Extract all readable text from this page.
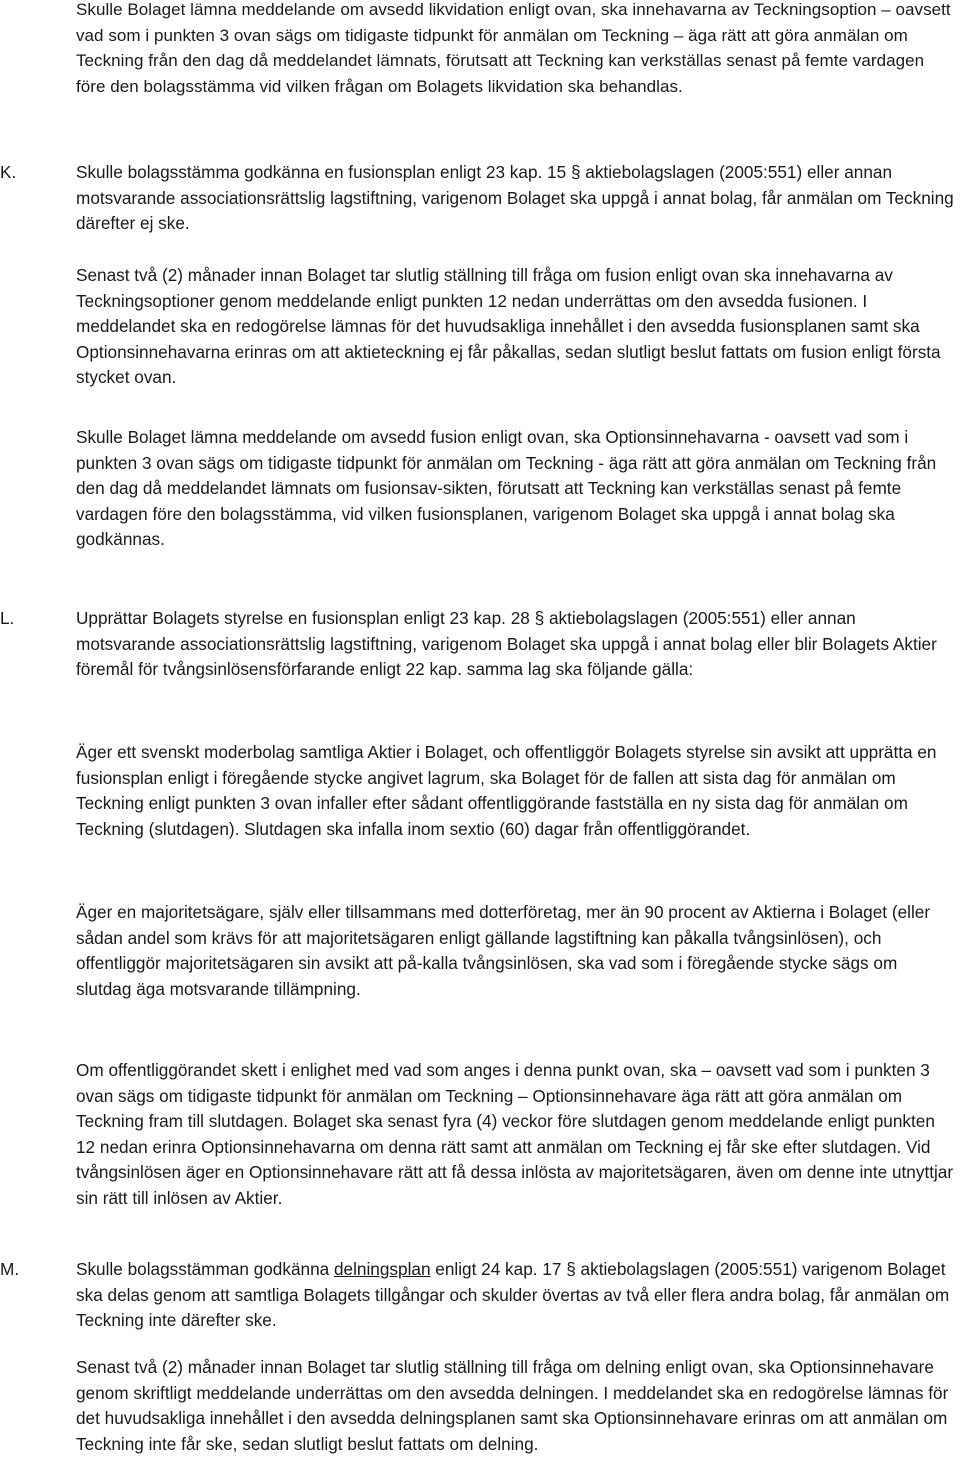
Skulle Bolaget lämna meddelande om avsedd likvidation enligt ovan, ska innehavarna av Teckningsoption – oavsett vad som i punkten 3 ovan sägs om tidigaste tidpunkt för anmälan om Teckning – äga rätt att göra anmälan om Teckning från den dag då meddelandet lämnats, förutsatt att Teckning kan verkställas senast på femte vardagen före den bolagsstämma vid vilken frågan om Bolagets likvidation ska behandlas.

K.	Skulle bolagsstämma godkänna en fusionsplan enligt 23 kap. 15 § aktiebolagslagen (2005:551) eller annan motsvarande associationsrättslig lagstiftning, varigenom Bolaget ska uppgå i annat bolag, får anmälan om Teckning därefter ej ske.

Senast två (2) månader innan Bolaget tar slutlig ställning till fråga om fusion enligt ovan ska innehavarna av Teckningsoptioner genom meddelande enligt punkten 12 nedan underrättas om den avsedda fusionen. I meddelandet ska en redogörelse lämnas för det huvudsakliga innehållet i den avsedda fusionsplanen samt ska Optionsinnehavarna erinras om att aktieteckning ej får påkallas, sedan slutligt beslut fattats om fusion enligt första stycket ovan.

Skulle Bolaget lämna meddelande om avsedd fusion enligt ovan, ska Optionsinnehavarna - oavsett vad som i punkten 3 ovan sägs om tidigaste tidpunkt för anmälan om Teckning - äga rätt att göra anmälan om Teckning från den dag då meddelandet lämnats om fusionsav-sikten, förutsatt att Teckning kan verkställas senast på femte vardagen före den bolagsstämma, vid vilken fusionsplanen, varigenom Bolaget ska uppgå i annat bolag ska godkännas.

L.	Upprättar Bolagets styrelse en fusionsplan enligt 23 kap. 28 § aktiebolagslagen (2005:551) eller annan motsvarande associationsrättslig lagstiftning, varigenom Bolaget ska uppgå i annat bolag eller blir Bolagets Aktier föremål för tvångsinlösensförfarande enligt 22 kap. samma lag ska följande gälla:

Äger ett svenskt moderbolag samtliga Aktier i Bolaget, och offentliggör Bolagets styrelse sin avsikt att upprätta en fusionsplan enligt i föregående stycke angivet lagrum, ska Bolaget för de fallen att sista dag för anmälan om Teckning enligt punkten 3 ovan infaller efter sådant offentliggörande fastställa en ny sista dag för anmälan om Teckning (slutdagen). Slutdagen ska infalla inom sextio (60) dagar från offentliggörandet.

Äger en majoritetsägare, själv eller tillsammans med dotterföretag, mer än 90 procent av Aktierna i Bolaget (eller sådan andel som krävs för att majoritetsägaren enligt gällande lagstiftning kan påkalla tvångsinlösen), och offentliggör majoritetsägaren sin avsikt att på-kalla tvångsinlösen, ska vad som i föregående stycke sägs om slutdag äga motsvarande tillämpning.

Om offentliggörandet skett i enlighet med vad som anges i denna punkt ovan, ska – oavsett vad som i punkten 3 ovan sägs om tidigaste tidpunkt för anmälan om Teckning – Optionsinnehavare äga rätt att göra anmälan om Teckning fram till slutdagen. Bolaget ska senast fyra (4) veckor före slutdagen genom meddelande enligt punkten 12 nedan erinra Optionsinnehavarna om denna rätt samt att anmälan om Teckning ej får ske efter slutdagen. Vid tvångsinlösen äger en Optionsinnehavare rätt att få dessa inlösta av majoritetsägaren, även om denne inte utnyttjar sin rätt till inlösen av Aktier.

M.	Skulle bolagsstämman godkänna delningsplan enligt 24 kap. 17 § aktiebolagslagen (2005:551) varigenom Bolaget ska delas genom att samtliga Bolagets tillgångar och skulder övertas av två eller flera andra bolag, får anmälan om Teckning inte därefter ske.

Senast två (2) månader innan Bolaget tar slutlig ställning till fråga om delning enligt ovan, ska Optionsinnehavare genom skriftligt meddelande underrättas om den avsedda delningen. I meddelandet ska en redogörelse lämnas för det huvudsakliga innehållet i den avsedda delningsplanen samt ska Optionsinnehavare erinras om att anmälan om Teckning inte får ske, sedan slutligt beslut fattats om delning.
